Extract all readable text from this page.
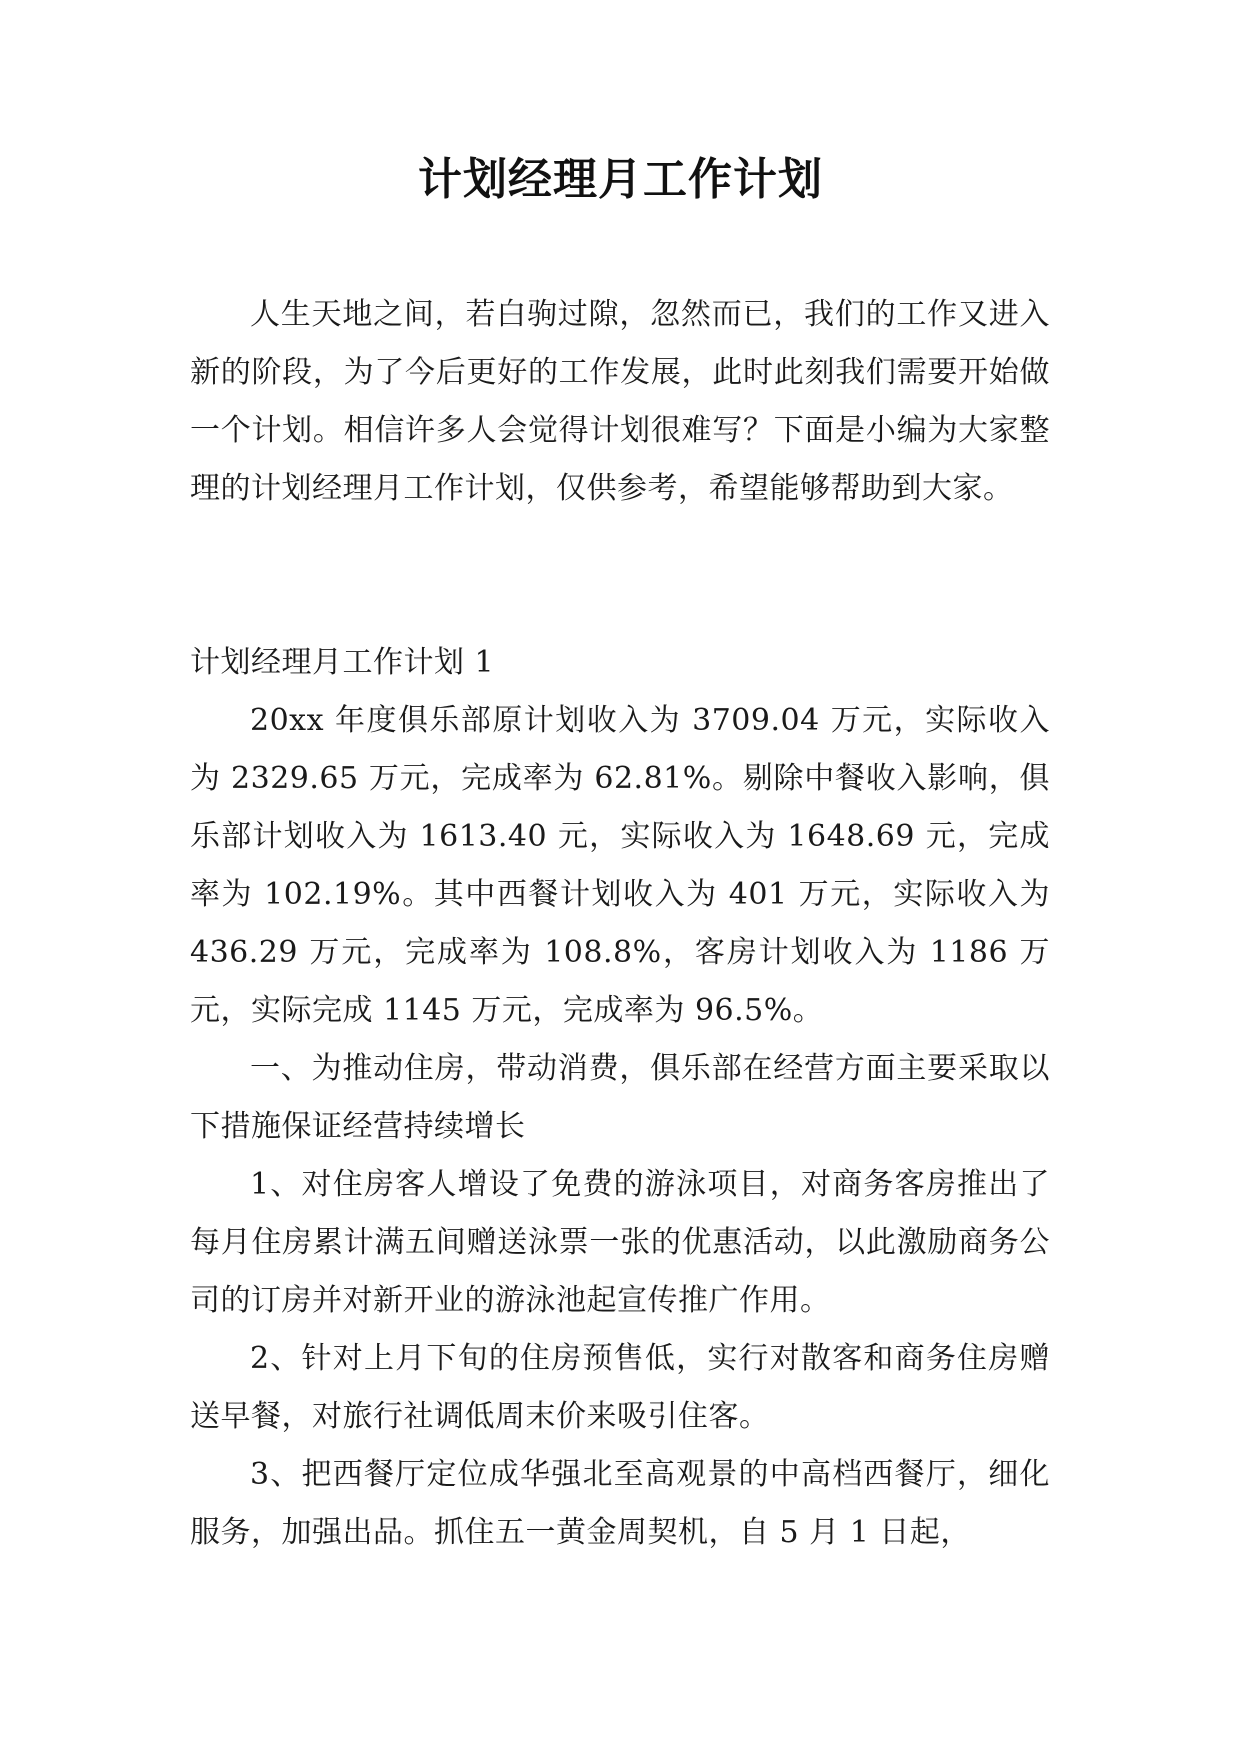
计划经理月工作计划

人生天地之间，若白驹过隙，忽然而已，我们的工作又进入新的阶段，为了今后更好的工作发展，此时此刻我们需要开始做一个计划。相信许多人会觉得计划很难写？下面是小编为大家整理的计划经理月工作计划，仅供参考，希望能够帮助到大家。

计划经理月工作计划 1

20xx 年度俱乐部原计划收入为 3709.04 万元，实际收入为 2329.65 万元，完成率为 62.81%。剔除中餐收入影响，俱乐部计划收入为 1613.40 元，实际收入为 1648.69 元，完成率为 102.19%。其中西餐计划收入为 401 万元，实际收入为 436.29 万元，完成率为 108.8%，客房计划收入为 1186 万元，实际完成 1145 万元，完成率为 96.5%。

一、为推动住房，带动消费，俱乐部在经营方面主要采取以下措施保证经营持续增长

1、对住房客人增设了免费的游泳项目，对商务客房推出了每月住房累计满五间赠送泳票一张的优惠活动，以此激励商务公司的订房并对新开业的游泳池起宣传推广作用。

2、针对上月下旬的住房预售低，实行对散客和商务住房赠送早餐，对旅行社调低周末价来吸引住客。

3、把西餐厅定位成华强北至高观景的中高档西餐厅，细化服务，加强出品。抓住五一黄金周契机，自 5 月 1 日起，
